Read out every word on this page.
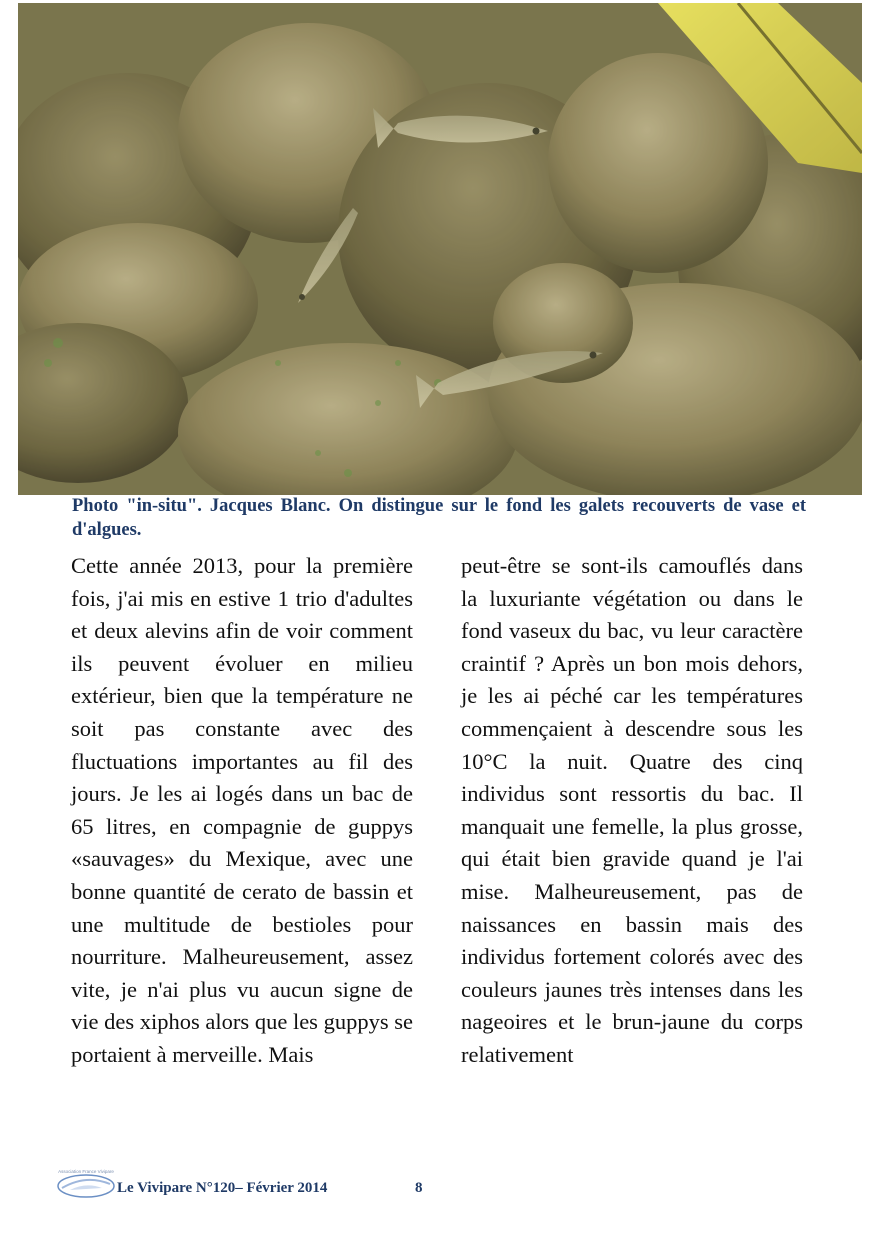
Photo "in-situ". Jacques Blanc. On distingue sur le fond les galets recouverts de vase et d'algues.

Cette année 2013, pour la première fois, j'ai mis en estive 1 trio d'adultes et deux alevins afin de voir comment ils peuvent évoluer en milieu extérieur, bien que la température ne soit pas constante avec des fluctuations importantes au fil des jours. Je les ai logés dans un bac de 65 litres, en compagnie de guppys «sauvages» du Mexique, avec une bonne quantité de cerato de bassin et une multitude de bestioles pour nourriture. Malheureusement, assez vite, je n'ai plus vu aucun signe de vie des xiphos alors que les guppys se portaient à merveille. Mais

peut-être se sont-ils camouflés dans la luxuriante végétation ou dans le fond vaseux du bac, vu leur caractère craintif ? Après un bon mois dehors, je les ai péché car les températures commençaient à descendre sous les 10°C la nuit. Quatre des cinq individus sont ressortis du bac. Il manquait une femelle, la plus grosse, qui était bien gravide quand je l'ai mise. Malheureusement, pas de naissances en bassin mais des individus fortement colorés avec des couleurs jaunes très intenses dans les nageoires et le brun-jaune du corps relativement

Association France Vivipare
Le Vivipare N°120– Février 2014	8
